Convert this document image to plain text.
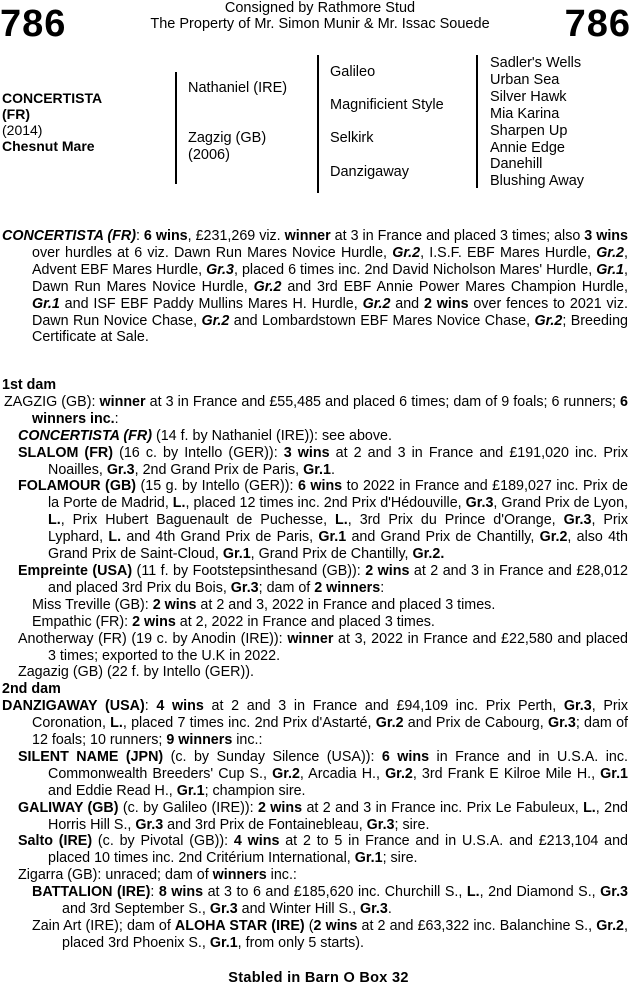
786	Consigned by Rathmore Stud
The Property of Mr. Simon Munir & Mr. Issac Souede	786
CONCERTISTA
(FR)
(2014)
Chesnut Mare
Nathaniel (IRE)
Zagzig (GB)
(2006)
Galileo
Magnificient Style
Selkirk
Danzigaway
Sadler's Wells
Urban Sea
Silver Hawk
Mia Karina
Sharpen Up
Annie Edge
Danehill
Blushing Away

CONCERTISTA (FR): 6 wins, £231,269 viz. winner at 3 in France and placed 3 times; also 3 wins over hurdles at 6 viz. Dawn Run Mares Novice Hurdle, Gr.2, I.S.F. EBF Mares Hurdle, Gr.2, Advent EBF Mares Hurdle, Gr.3, placed 6 times inc. 2nd David Nicholson Mares' Hurdle, Gr.1, Dawn Run Mares Novice Hurdle, Gr.2 and 3rd EBF Annie Power Mares Champion Hurdle, Gr.1 and ISF EBF Paddy Mullins Mares H. Hurdle, Gr.2 and 2 wins over fences to 2021 viz. Dawn Run Novice Chase, Gr.2 and Lombardstown EBF Mares Novice Chase, Gr.2; Breeding Certificate at Sale.

1st dam

ZAGZIG (GB): winner at 3 in France and £55,485 and placed 6 times; dam of 9 foals; 6 runners; 6 winners inc.:

CONCERTISTA (FR) (14 f. by Nathaniel (IRE)): see above.

SLALOM (FR) (16 c. by Intello (GER)): 3 wins at 2 and 3 in France and £191,020 inc. Prix Noailles, Gr.3, 2nd Grand Prix de Paris, Gr.1.

FOLAMOUR (GB) (15 g. by Intello (GER)): 6 wins to 2022 in France and £189,027 inc. Prix de la Porte de Madrid, L., placed 12 times inc. 2nd Prix d'Hédouville, Gr.3, Grand Prix de Lyon, L., Prix Hubert Baguenault de Puchesse, L., 3rd Prix du Prince d'Orange, Gr.3, Prix Lyphard, L. and 4th Grand Prix de Paris, Gr.1 and Grand Prix de Chantilly, Gr.2, also 4th Grand Prix de Saint-Cloud, Gr.1, Grand Prix de Chantilly, Gr.2.

Empreinte (USA) (11 f. by Footstepsinthesand (GB)): 2 wins at 2 and 3 in France and £28,012 and placed 3rd Prix du Bois, Gr.3; dam of 2 winners:

Miss Treville (GB): 2 wins at 2 and 3, 2022 in France and placed 3 times.

Empathic (FR): 2 wins at 2, 2022 in France and placed 3 times.

Anotherway (FR) (19 c. by Anodin (IRE)): winner at 3, 2022 in France and £22,580 and placed 3 times; exported to the U.K in 2022.

Zagazig (GB) (22 f. by Intello (GER)).

2nd dam

DANZIGAWAY (USA): 4 wins at 2 and 3 in France and £94,109 inc. Prix Perth, Gr.3, Prix Coronation, L., placed 7 times inc. 2nd Prix d'Astarté, Gr.2 and Prix de Cabourg, Gr.3; dam of 12 foals; 10 runners; 9 winners inc.:

SILENT NAME (JPN) (c. by Sunday Silence (USA)): 6 wins in France and in U.S.A. inc. Commonwealth Breeders' Cup S., Gr.2, Arcadia H., Gr.2, 3rd Frank E Kilroe Mile H., Gr.1 and Eddie Read H., Gr.1; champion sire.

GALIWAY (GB) (c. by Galileo (IRE)): 2 wins at 2 and 3 in France inc. Prix Le Fabuleux, L., 2nd Horris Hill S., Gr.3 and 3rd Prix de Fontainebleau, Gr.3; sire.

Salto (IRE) (c. by Pivotal (GB)): 4 wins at 2 to 5 in France and in U.S.A. and £213,104 and placed 10 times inc. 2nd Critérium International, Gr.1; sire.

Zigarra (GB): unraced; dam of winners inc.:

BATTALION (IRE): 8 wins at 3 to 6 and £185,620 inc. Churchill S., L., 2nd Diamond S., Gr.3 and 3rd September S., Gr.3 and Winter Hill S., Gr.3.

Zain Art (IRE); dam of ALOHA STAR (IRE) (2 wins at 2 and £63,322 inc. Balanchine S., Gr.2, placed 3rd Phoenix S., Gr.1, from only 5 starts).

Stabled in Barn O Box 32
